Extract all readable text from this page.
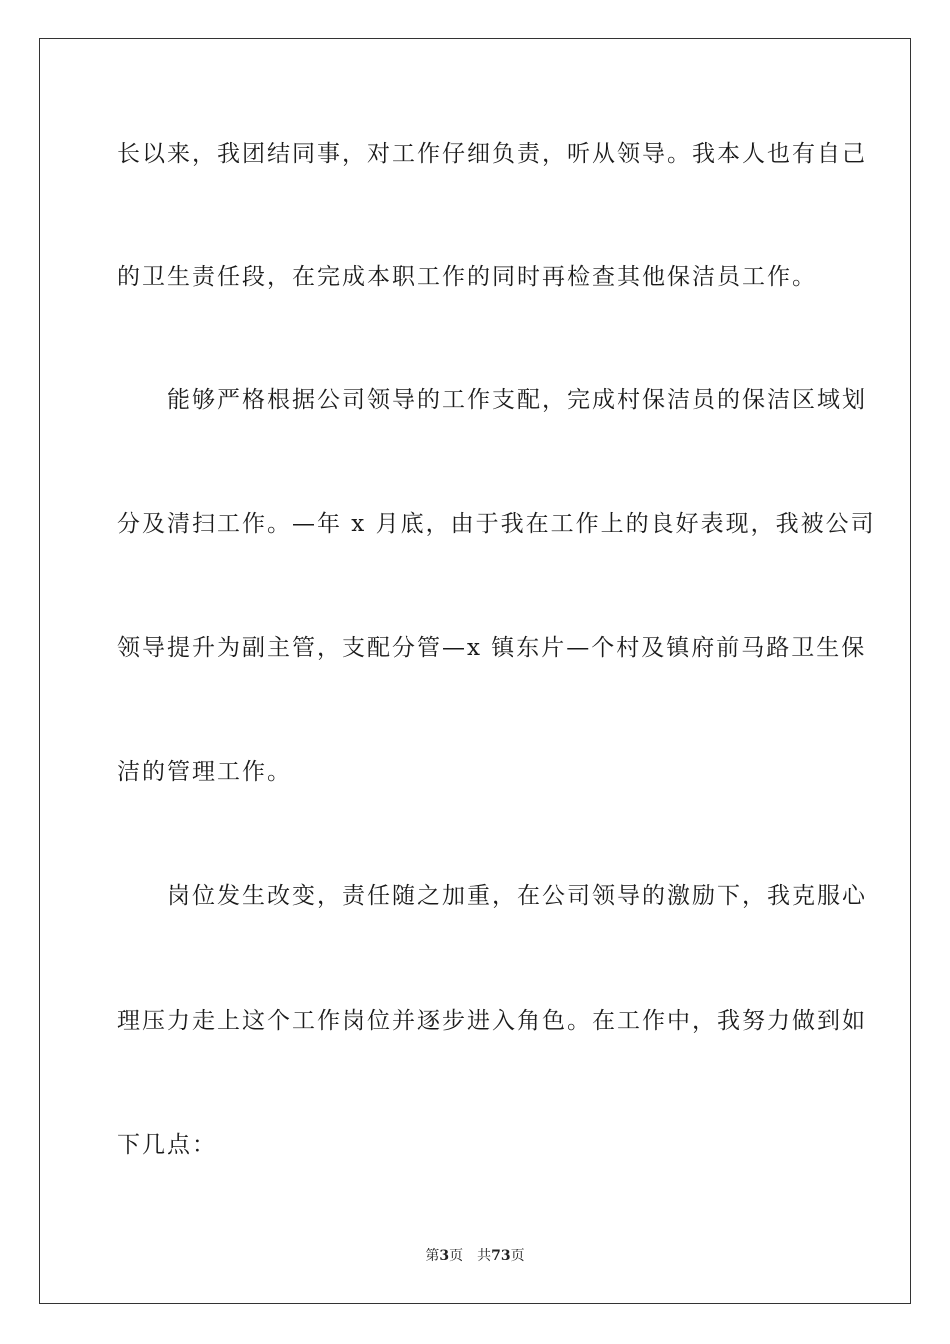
长以来，我团结同事，对工作仔细负责，听从领导。我本人也有自己
的卫生责任段，在完成本职工作的同时再检查其他保洁员工作。
　　能够严格根据公司领导的工作支配，完成村保洁员的保洁区域划
分及清扫工作。—年 x 月底，由于我在工作上的良好表现，我被公司
领导提升为副主管，支配分管—x 镇东片—个村及镇府前马路卫生保
洁的管理工作。
　　岗位发生改变，责任随之加重，在公司领导的激励下，我克服心
理压力走上这个工作岗位并逐步进入角色。在工作中，我努力做到如
下几点：
第3页　共73页
